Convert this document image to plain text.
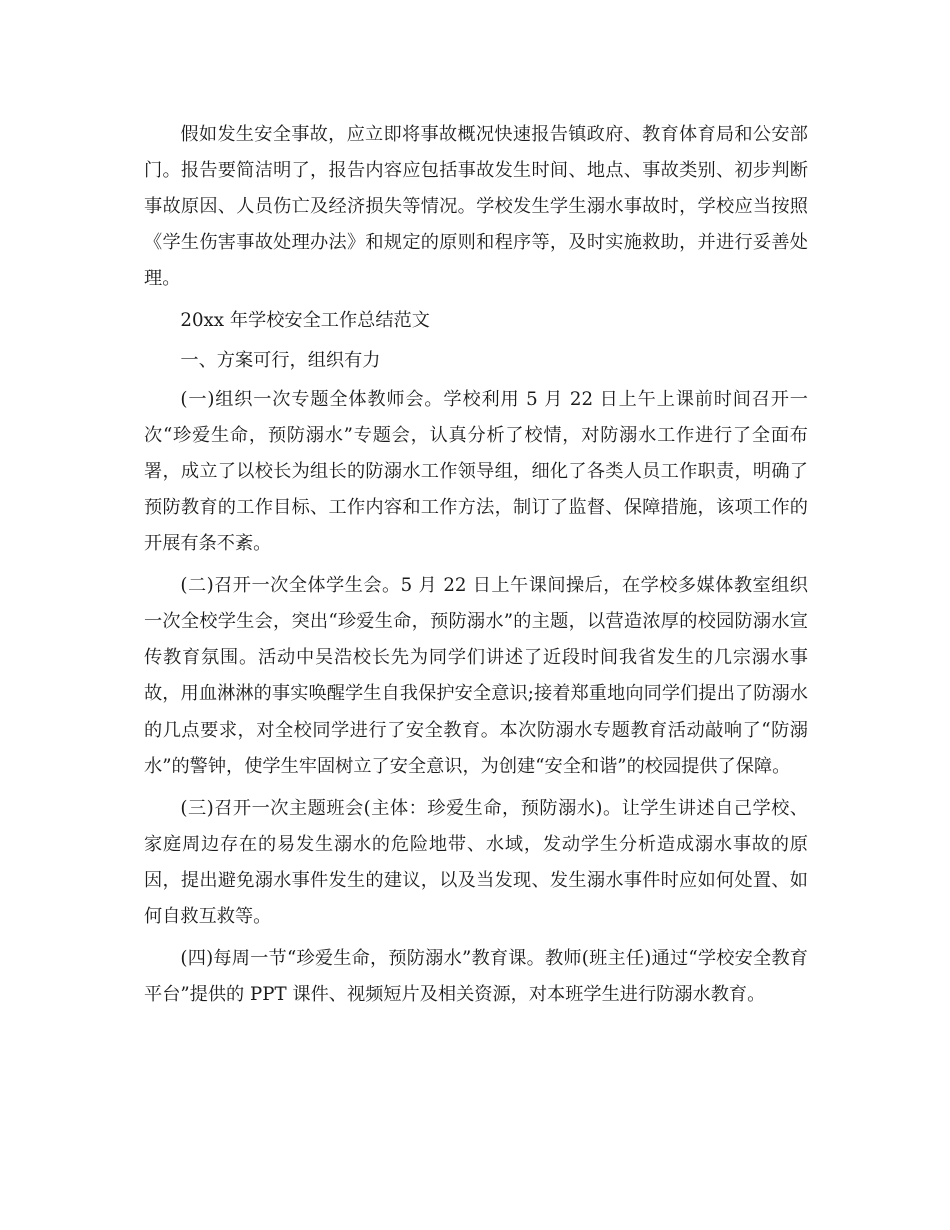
假如发生安全事故，应立即将事故概况快速报告镇政府、教育体育局和公安部门。报告要简洁明了，报告内容应包括事故发生时间、地点、事故类别、初步判断事故原因、人员伤亡及经济损失等情况。学校发生学生溺水事故时，学校应当按照《学生伤害事故处理办法》和规定的原则和程序等，及时实施救助，并进行妥善处理。

20xx 年学校安全工作总结范文

一、方案可行，组织有力

(一)组织一次专题全体教师会。学校利用 5 月 22 日上午上课前时间召开一次“珍爱生命，预防溺水”专题会，认真分析了校情，对防溺水工作进行了全面布署，成立了以校长为组长的防溺水工作领导组，细化了各类人员工作职责，明确了预防教育的工作目标、工作内容和工作方法，制订了监督、保障措施，该项工作的开展有条不紊。

(二)召开一次全体学生会。5 月 22 日上午课间操后，在学校多媒体教室组织一次全校学生会，突出“珍爱生命，预防溺水”的主题，以营造浓厚的校园防溺水宣传教育氛围。活动中吴浩校长先为同学们讲述了近段时间我省发生的几宗溺水事故，用血淋淋的事实唤醒学生自我保护安全意识;接着郑重地向同学们提出了防溺水的几点要求，对全校同学进行了安全教育。本次防溺水专题教育活动敲响了“防溺水”的警钟，使学生牢固树立了安全意识，为创建“安全和谐”的校园提供了保障。

(三)召开一次主题班会(主体：珍爱生命，预防溺水)。让学生讲述自己学校、家庭周边存在的易发生溺水的危险地带、水域，发动学生分析造成溺水事故的原因，提出避免溺水事件发生的建议，以及当发现、发生溺水事件时应如何处置、如何自救互救等。

(四)每周一节“珍爱生命，预防溺水”教育课。教师(班主任)通过“学校安全教育平台”提供的 PPT 课件、视频短片及相关资源，对本班学生进行防溺水教育。
